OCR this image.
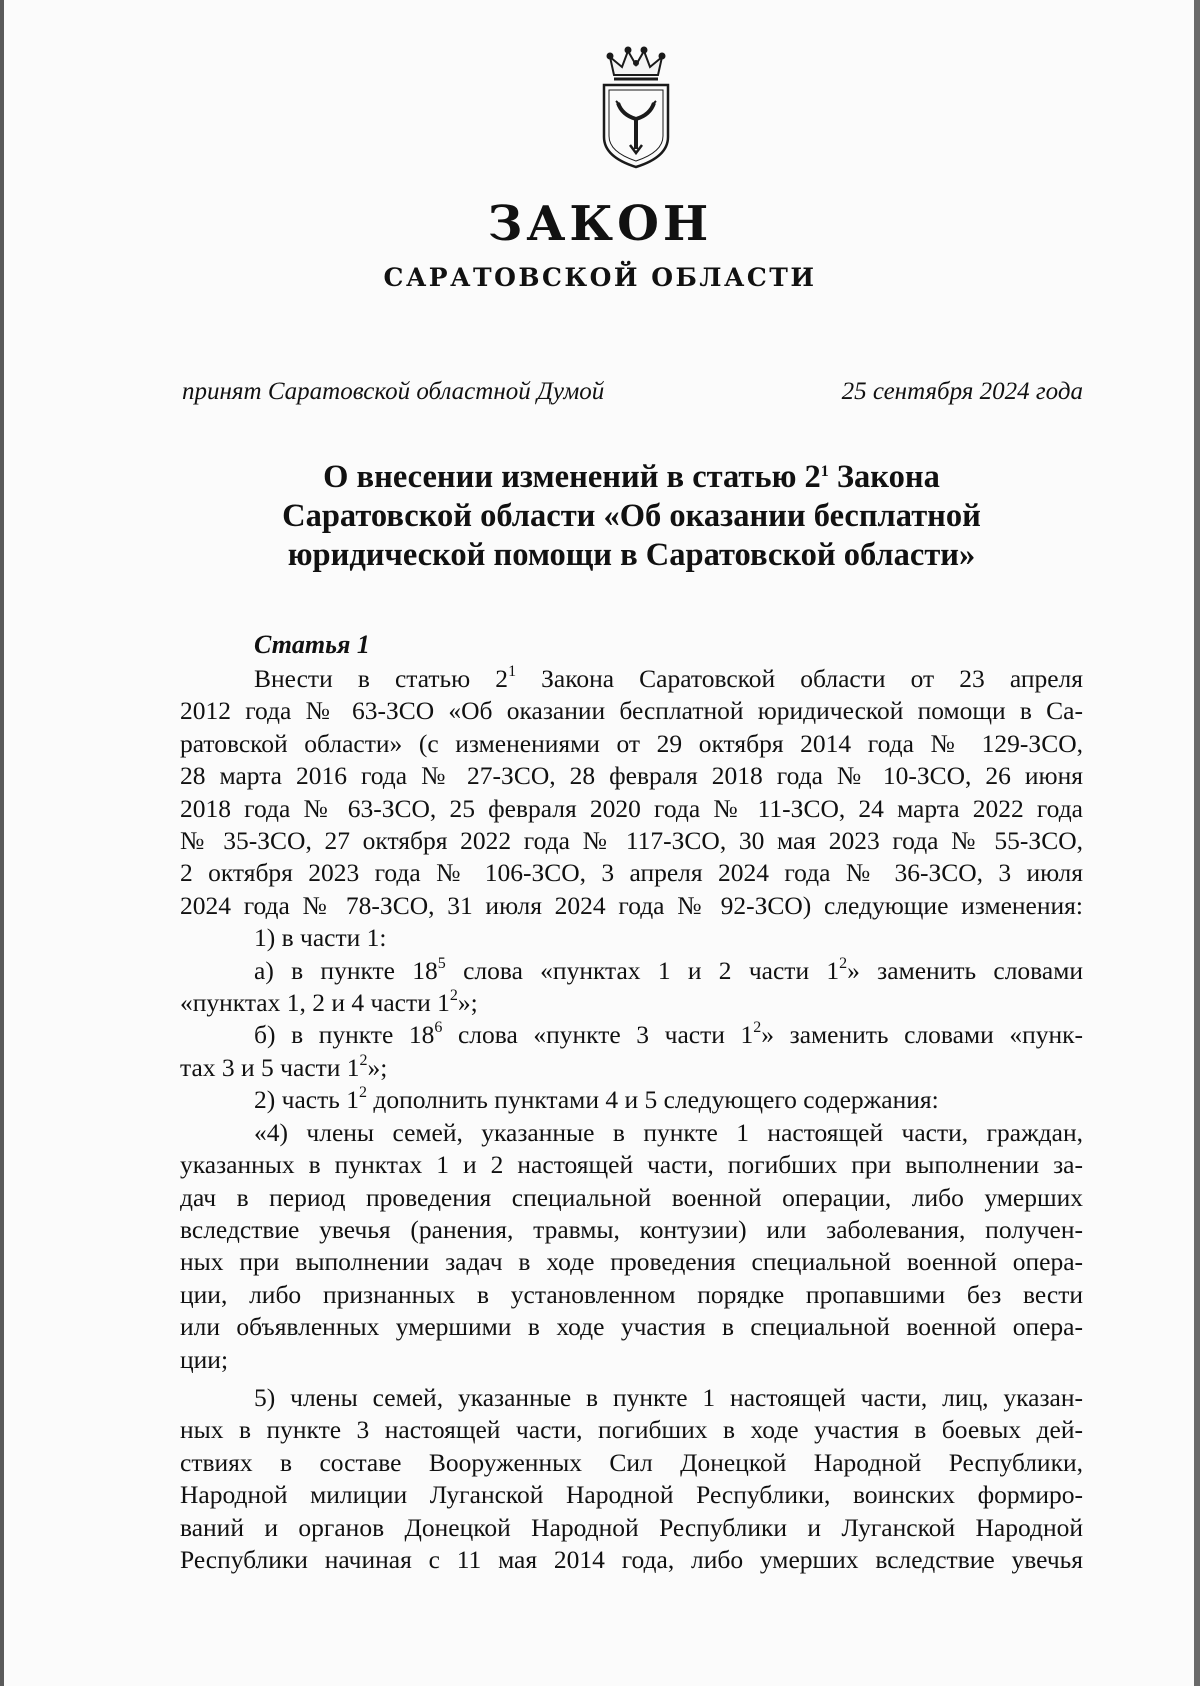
ЗАКОН
САРАТОВСКОЙ ОБЛАСТИ
принят Саратовской областной Думой	25 сентября 2024 года
О внесении изменений в статью $2^1$ Закона
Саратовской области «Об оказании бесплатной
юридической помощи в Саратовской области»
Статья 1
Внести в статью $2^1$ Закона Саратовской области от 23 апреля
2012 года № 63-ЗСО «Об оказании бесплатной юридической помощи в Са-
ратовской области» (с изменениями от 29 октября 2014 года № 129-ЗСО,
28 марта 2016 года № 27-ЗСО, 28 февраля 2018 года № 10-ЗСО, 26 июня
2018 года № 63-ЗСО, 25 февраля 2020 года № 11-ЗСО, 24 марта 2022 года
№ 35-ЗСО, 27 октября 2022 года № 117-ЗСО, 30 мая 2023 года № 55-ЗСО,
2 октября 2023 года № 106-ЗСО, 3 апреля 2024 года № 36-ЗСО, 3 июля
2024 года № 78-ЗСО, 31 июля 2024 года № 92-ЗСО) следующие изменения:
1) в части 1:
а) в пункте $18^5$ слова «пунктах 1 и 2 части $1^2$» заменить словами
«пунктах 1, 2 и 4 части $1^2$»;
б) в пункте $18^6$ слова «пункте 3 части $1^2$» заменить словами «пунк-
тах 3 и 5 части $1^2$»;
2) часть $1^2$ дополнить пунктами 4 и 5 следующего содержания:
«4) члены семей, указанные в пункте 1 настоящей части, граждан,
указанных в пунктах 1 и 2 настоящей части, погибших при выполнении за-
дач в период проведения специальной военной операции, либо умерших
вследствие увечья (ранения, травмы, контузии) или заболевания, получен-
ных при выполнении задач в ходе проведения специальной военной опера-
ции, либо признанных в установленном порядке пропавшими без вести
или объявленных умершими в ходе участия в специальной военной опера-
ции;
5) члены семей, указанные в пункте 1 настоящей части, лиц, указан-
ных в пункте 3 настоящей части, погибших в ходе участия в боевых дей-
ствиях в составе Вооруженных Сил Донецкой Народной Республики,
Народной милиции Луганской Народной Республики, воинских формиро-
ваний и органов Донецкой Народной Республики и Луганской Народной
Республики начиная с 11 мая 2014 года, либо умерших вследствие увечья
